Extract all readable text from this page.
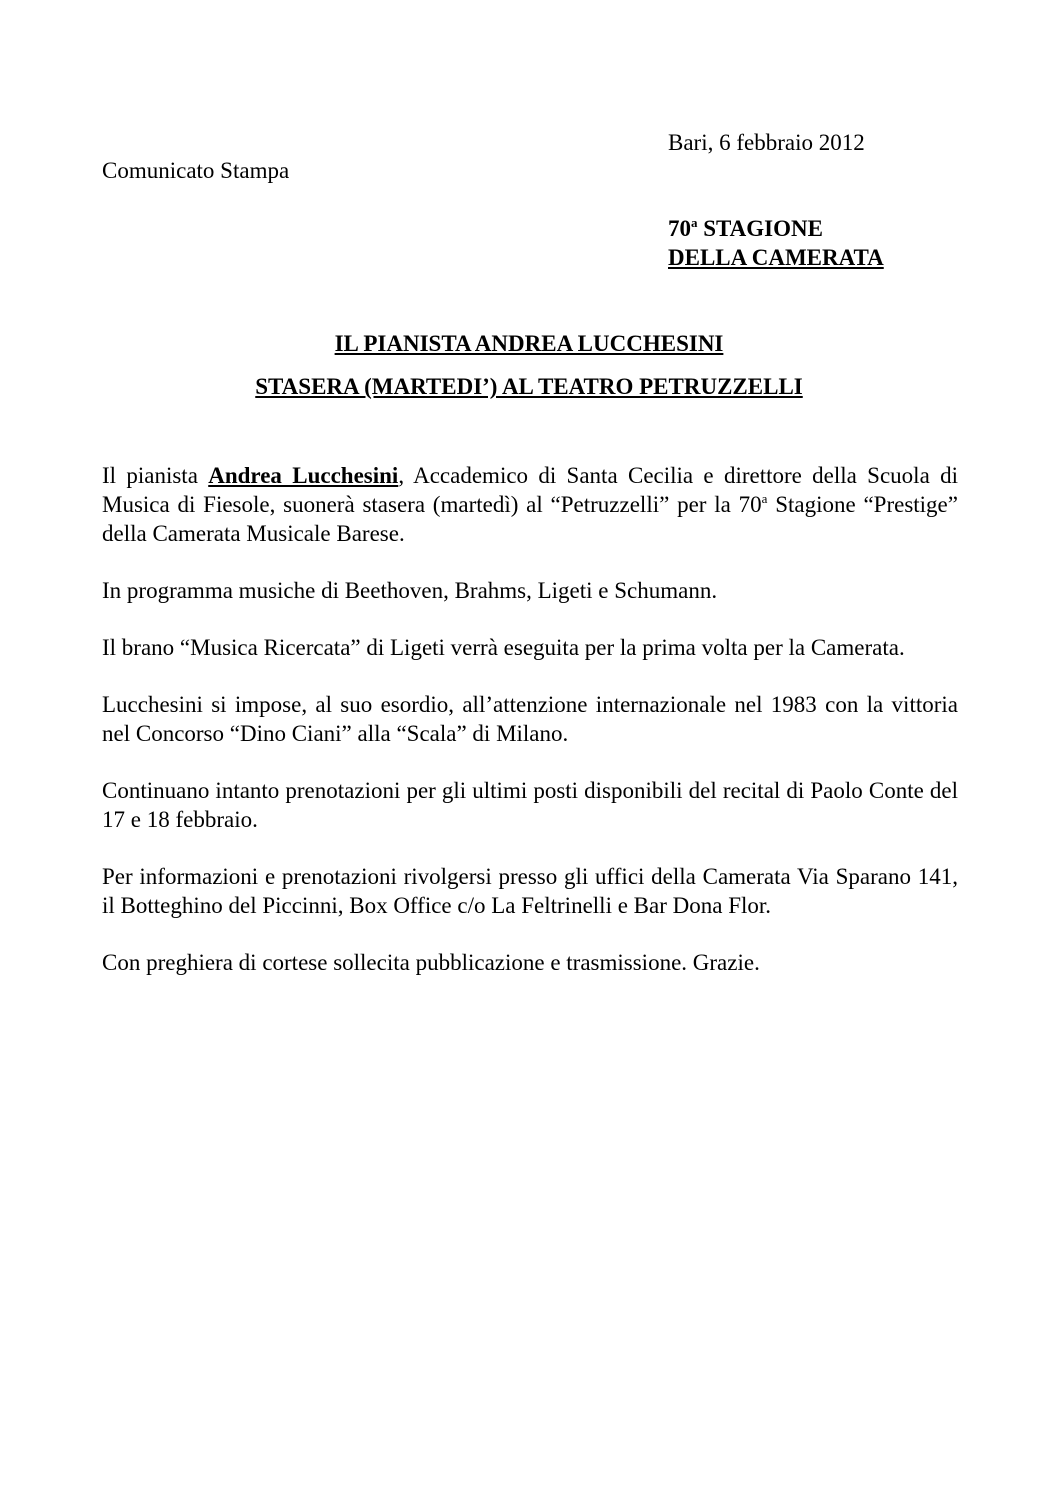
Bari, 6 febbraio 2012
Comunicato Stampa
70$^a$ STAGIONE
DELLA CAMERATA
IL PIANISTA ANDREA LUCCHESINI
STASERA (MARTEDI’) AL TEATRO PETRUZZELLI

Il pianista Andrea Lucchesini, Accademico di Santa Cecilia e direttore della Scuola di Musica di Fiesole, suonerà stasera (martedì) al “Petruzzelli” per la 70$^a$ Stagione “Prestige” della Camerata Musicale Barese.

In programma musiche di Beethoven, Brahms, Ligeti e Schumann.

Il brano “Musica Ricercata” di Ligeti verrà eseguita per la prima volta per la Camerata.

Lucchesini si impose, al suo esordio, all’attenzione internazionale nel 1983 con la vittoria nel Concorso “Dino Ciani” alla “Scala” di Milano.

Continuano intanto prenotazioni per gli ultimi posti disponibili del recital di Paolo Conte del 17 e 18 febbraio.

Per informazioni e prenotazioni rivolgersi presso gli uffici della Camerata Via Sparano 141, il Botteghino del Piccinni, Box Office c/o La Feltrinelli e Bar Dona Flor.

Con preghiera di cortese sollecita pubblicazione e trasmissione. Grazie.
